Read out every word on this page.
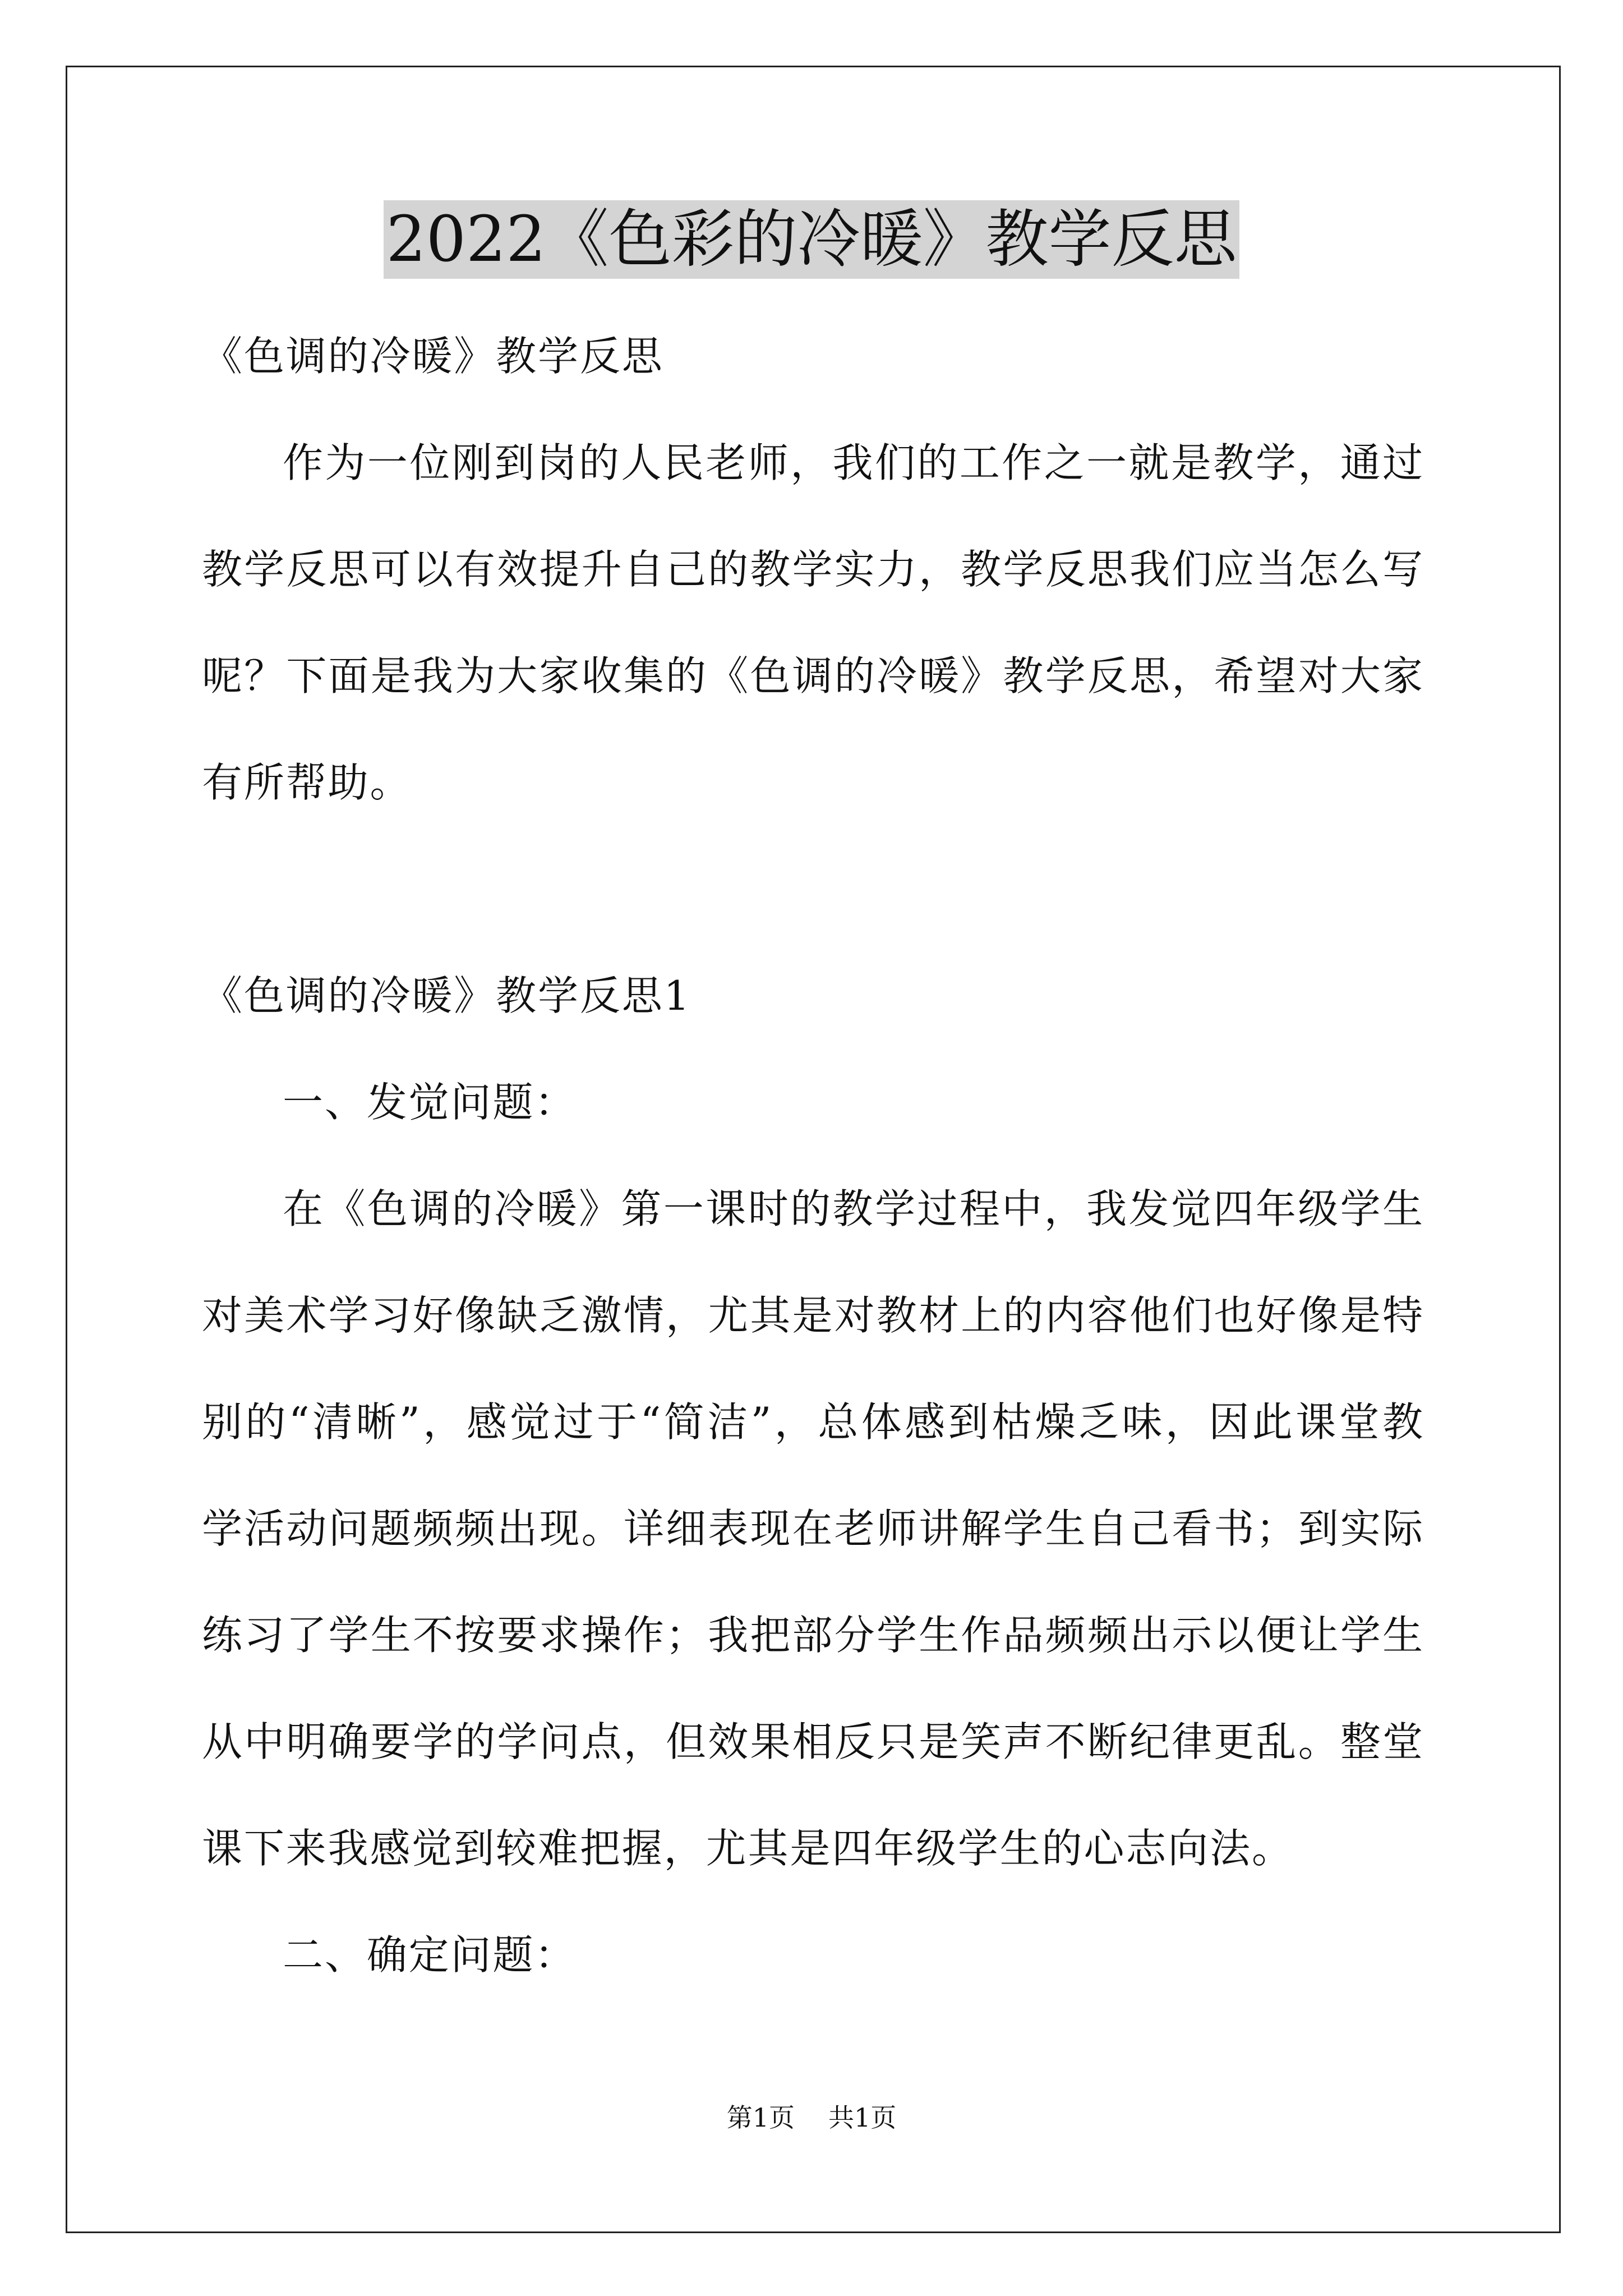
2022《色彩的冷暖》教学反思

《色调的冷暖》教学反思

作为一位刚到岗的人民老师，我们的工作之一就是教学，通过教学反思可以有效提升自己的教学实力，教学反思我们应当怎么写呢？下面是我为大家收集的《色调的冷暖》教学反思，希望对大家有所帮助。

《色调的冷暖》教学反思1

一、发觉问题：

在《色调的冷暖》第一课时的教学过程中，我发觉四年级学生对美术学习好像缺乏激情，尤其是对教材上的内容他们也好像是特别的“清晰”，感觉过于“简洁”，总体感到枯燥乏味，因此课堂教学活动问题频频出现。详细表现在老师讲解学生自己看书；到实际练习了学生不按要求操作；我把部分学生作品频频出示以便让学生从中明确要学的学问点，但效果相反只是笑声不断纪律更乱。整堂课下来我感觉到较难把握，尤其是四年级学生的心志向法。

二、确定问题：

第1页 共1页
